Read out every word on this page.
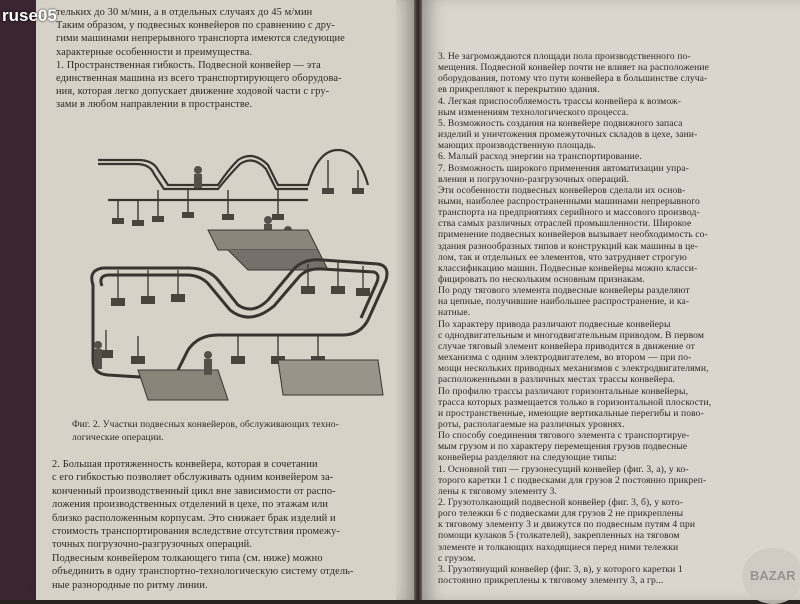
тельких до 30 м/мин, а в отдельных случаях до 45 м/мин
Таким образом, у подвесных конвейеров по сравнению с дру-
гими машинами непрерывного транспорта имеются следующие
характерные особенности и преимущества.
1. Пространственная гибкость. Подвесной конвейер — эта
единственная машина из всего транспортирующего оборудова-
ния, которая легко допускает движение ходовой части с гру-
зами в любом направлении в пространстве.
Фиг. 2. Участки подвесных конвейеров, обслуживающих техно-
логические операции.
2. Большая протяженность конвейера, которая в сочетании
с его гибкостью позволяет обслуживать одним конвейером за-
конченный производственный цикл вне зависимости от распо-
ложения производственных отделений в цехе, по этажам или
близко расположенным корпусам. Это снижает брак изделий и
стоимость транспортирования вследствие отсутствия промежу-
точных погрузочно-разгрузочных операций.
Подвесным конвейером толкающего типа (см. ниже) можно
объединить в одну транспортно-технологическую систему отдель-
ные разнородные по ритму линии.
8
3. Не загромождаются площади пола производственного по-
мещения. Подвесной конвейер почти не влияет на расположение
оборудования, потому что пути конвейера в большинстве случа-
ев прикрепляют к перекрытию здания.
4. Легкая приспособляемость трассы конвейера к возмож-
ным изменениям технологического процесса.
5. Возможность создания на конвейере подвижного запаса
изделий и уничтожения промежуточных складов в цехе, зани-
мающих производственную площадь.
6. Малый расход энергии на транспортирование.
7. Возможность широкого применения автоматизации упра-
вления и погрузочно-разгрузочных операций.
Эти особенности подвесных конвейеров сделали их основ-
ными, наиболее распространенными машинами непрерывного
транспорта на предприятиях серийного и массового производ-
ства самых различных отраслей промышленности. Широкое
применение подвесных конвейеров вызывает необходимость со-
здания разнообразных типов и конструкций как машины в це-
лом, так и отдельных ее элементов, что затрудняет строгую
классификацию машин. Подвесные конвейеры можно класси-
фицировать по нескольким основным признакам.
По роду тягового элемента подвесные конвейеры разделяют
на цепные, получившие наибольшее распространение, и ка-
натные.
По характеру привода различают подвесные конвейеры
с однодвигательным и многодвигательным приводом. В первом
случае тяговый элемент конвейера приводится в движение от
механизма с одним электродвигателем, во втором — при по-
мощи нескольких приводных механизмов с электродвигателями,
расположенными в различных местах трассы конвейера.
По профилю трассы различают горизонтальные конвейеры,
трасса которых размещается только в горизонтальной плоскости,
и пространственные, имеющие вертикальные перегибы и пово-
роты, располагаемые на различных уровнях.
По способу соединения тягового элемента с транспортируе-
мым грузом и по характеру перемещения грузов подвесные
конвейеры разделяют на следующие типы:
1. Основной тип — грузонесущий конвейер (фиг. 3, а), у ко-
торого каретки 1 с подвесками для грузов 2 постоянно прикреп-
лены к тяговому элементу 3.
2. Грузотолкающий подвесной конвейер (фиг. 3, б), у кото-
рого тележки 6 с подвесками для грузов 2 не прикреплены
к тяговому элементу 3 и движутся по подвесным путям 4 при
помощи кулаков 5 (толкателей), закрепленных на тяговом
элементе и толкающих находящиеся перед ними тележки
с грузом.
3. Грузотянущий конвейер (фиг. 3, в), у которого каретки 1
постоянно прикреплены к тяговому элементу 3, а гр...	BAZAR
ruse05
